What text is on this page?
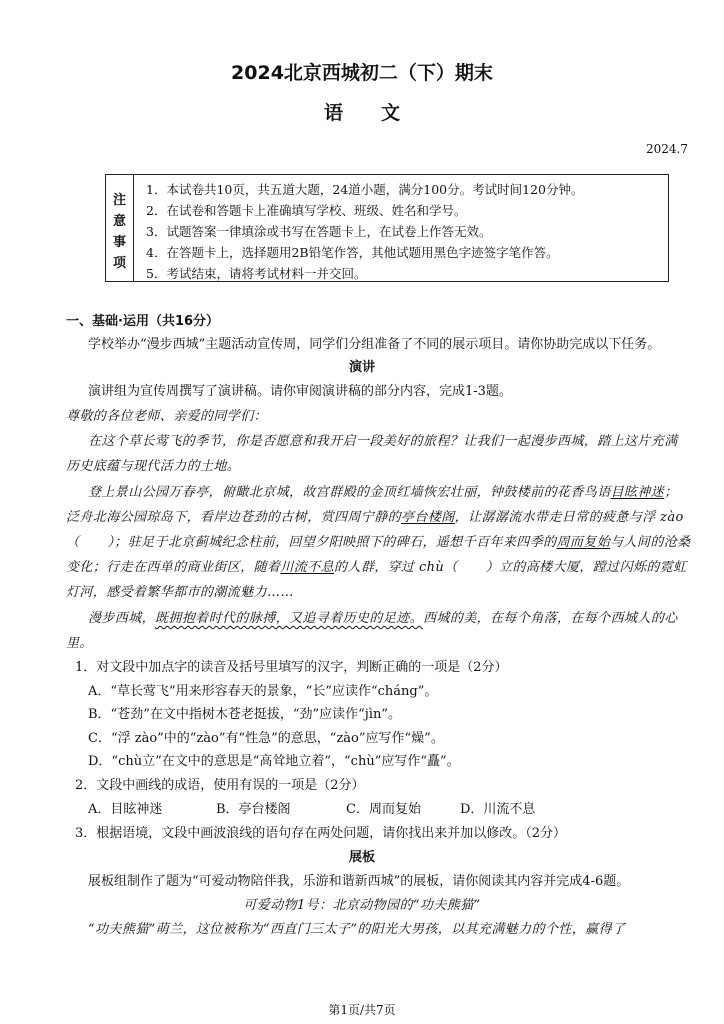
2024北京西城初二（下）期末
语文
2024.7
注
意
事
项
1．本试卷共10页，共五道大题，24道小题，满分100分。考试时间120分钟。
2．在试卷和答题卡上准确填写学校、班级、姓名和学号。
3．试题答案一律填涂或书写在答题卡上，在试卷上作答无效。
4．在答题卡上，选择题用2B铅笔作答，其他试题用黑色字迹签字笔作答。
5．考试结束，请将考试材料一并交回。
一、基础·运用（共16分）
学校举办“漫步西城”主题活动宣传周，同学们分组准备了不同的展示项目。请你协助完成以下任务。
演讲
演讲组为宣传周撰写了演讲稿。请你审阅演讲稿的部分内容，完成1-3题。
尊敬的各位老师、亲爱的同学们：
在这个草长莺飞的季节，你是否愿意和我开启一段美好的旅程？让我们一起漫步西城，踏上这片充满
历史底蕴与现代活力的土地。
登上景山公园万春亭，俯瞰北京城，故宫群殿的金顶红墙恢宏壮丽，钟鼓楼前的花香鸟语目眩神迷；
泛舟北海公园琼岛下，看岸边苍劲的古树，赏四周宁静的亭台楼阁，让潺潺流水带走日常的疲惫与浮 zào
（ ）；驻足于北京蓟城纪念柱前，回望夕阳映照下的碑石，遥想千百年来四季的周而复始与人间的沧桑
变化；行走在西单的商业街区，随着川流不息的人群，穿过 chù（ ）立的高楼大厦，蹚过闪烁的霓虹
灯河，感受着繁华都市的潮流魅力……
漫步西城，既拥抱着时代的脉搏，又追寻着历史的足迹。西城的美，在每个角落，在每个西城人的心
里。
1．对文段中加点字的读音及括号里填写的汉字，判断正确的一项是（2分）
A．“草长莺飞”用来形容春天的景象，“长”应读作“cháng”。
B．“苍劲”在文中指树木苍老挺拔，“劲”应读作“jìn”。
C．“浮 zào”中的“zào”有“性急”的意思，“zào”应写作“燥”。
D．“chù立”在文中的意思是“高耸地立着”，“chù”应写作“矗”。
2．文段中画线的成语，使用有误的一项是（2分）
A．目眩神迷	B．亭台楼阁	C．周而复始	D．川流不息
3．根据语境，文段中画波浪线的语句存在两处问题，请你找出来并加以修改。（2分）
展板
展板组制作了题为“可爱动物陪伴我，乐游和谐新西城”的展板，请你阅读其内容并完成4-6题。
可爱动物1号：北京动物园的“功夫熊猫”
“功夫熊猫”萌兰，这位被称为“西直门三太子”的阳光大男孩，以其充满魅力的个性，赢得了
第1页/共7页
